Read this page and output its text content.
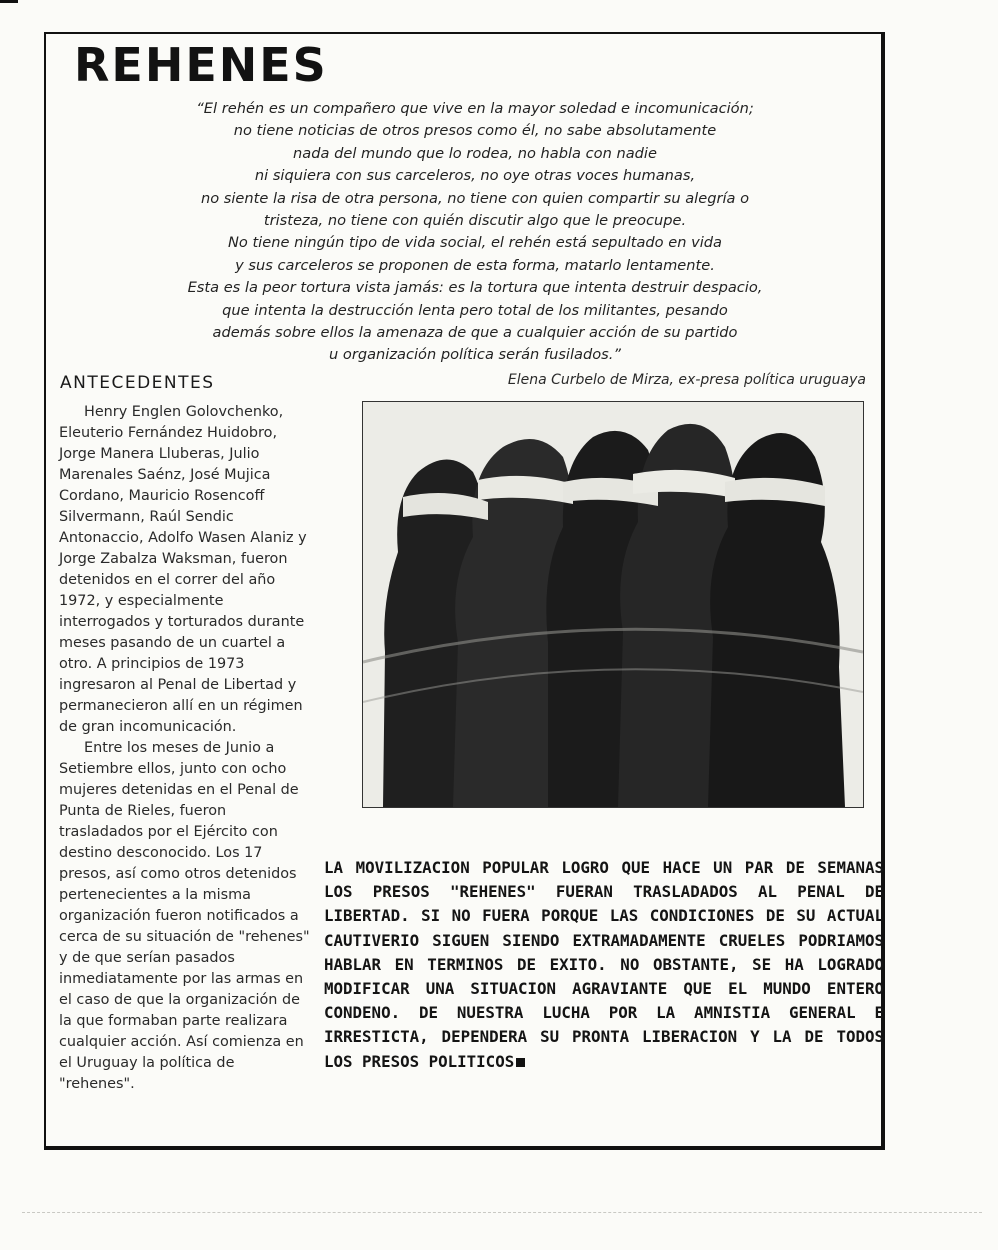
REHENES
“El rehén es un compañero que vive en la mayor soledad e incomunicación;
no tiene noticias de otros presos como él, no sabe absolutamente
nada del mundo que lo rodea, no habla con nadie
ni siquiera con sus carceleros, no oye otras voces humanas,
no siente la risa de otra persona, no tiene con quien compartir su alegría o
tristeza, no tiene con quién discutir algo que le preocupe.
No tiene ningún tipo de vida social, el rehén está sepultado en vida
y sus carceleros se proponen de esta forma, matarlo lentamente.
Esta es la peor tortura vista jamás: es la tortura que intenta destruir despacio,
que intenta la destrucción lenta pero total de los militantes, pesando
además sobre ellos la amenaza de que a cualquier acción de su partido
u organización política serán fusilados.”
Elena Curbelo de Mirza, ex-presa política uruguaya
ANTECEDENTES

Henry Englen Golovchenko, Eleuterio Fernández Huidobro, Jorge Manera Lluberas, Julio Marenales Saénz, José Mujica Cordano, Mauricio Rosencoff Silvermann, Raúl Sendic Antonaccio, Adolfo Wasen Alaniz y Jorge Zabalza Waksman, fueron detenidos en el correr del año 1972, y especialmente interrogados y torturados durante meses pasando de un cuartel a otro. A principios de 1973 ingresaron al Penal de Libertad y permanecieron allí en un régimen de gran incomunicación.

Entre los meses de Junio a Setiembre ellos, junto con ocho mujeres detenidas en el Penal de Punta de Rieles, fueron trasladados por el Ejército con destino desconocido. Los 17 presos, así como otros detenidos pertenecientes a la misma organización fueron notificados a cerca de su situación de "rehenes" y de que serían pasados inmediatamente por las armas en el caso de que la organización de la que formaban parte realizara cualquier acción. Así comienza en el Uruguay la política de "rehenes".

LA MOVILIZACION POPULAR LOGRO QUE HACE UN PAR DE SEMANAS LOS PRESOS "REHENES" FUERAN TRASLADADOS AL PENAL DE LIBERTAD. SI NO FUERA PORQUE LAS CONDICIONES DE SU ACTUAL CAUTIVERIO SIGUEN SIENDO EXTRAMADAMENTE CRUELES PODRIAMOS HABLAR EN TERMINOS DE EXITO. NO OBSTANTE, SE HA LOGRADO MODIFICAR UNA SITUACION AGRAVIANTE QUE EL MUNDO ENTERO CONDENO. DE NUESTRA LUCHA POR LA AMNISTIA GENERAL E IRRESTICTA, DEPENDERA SU PRONTA LIBERACION Y LA DE TODOS LOS PRESOS POLITICOS
